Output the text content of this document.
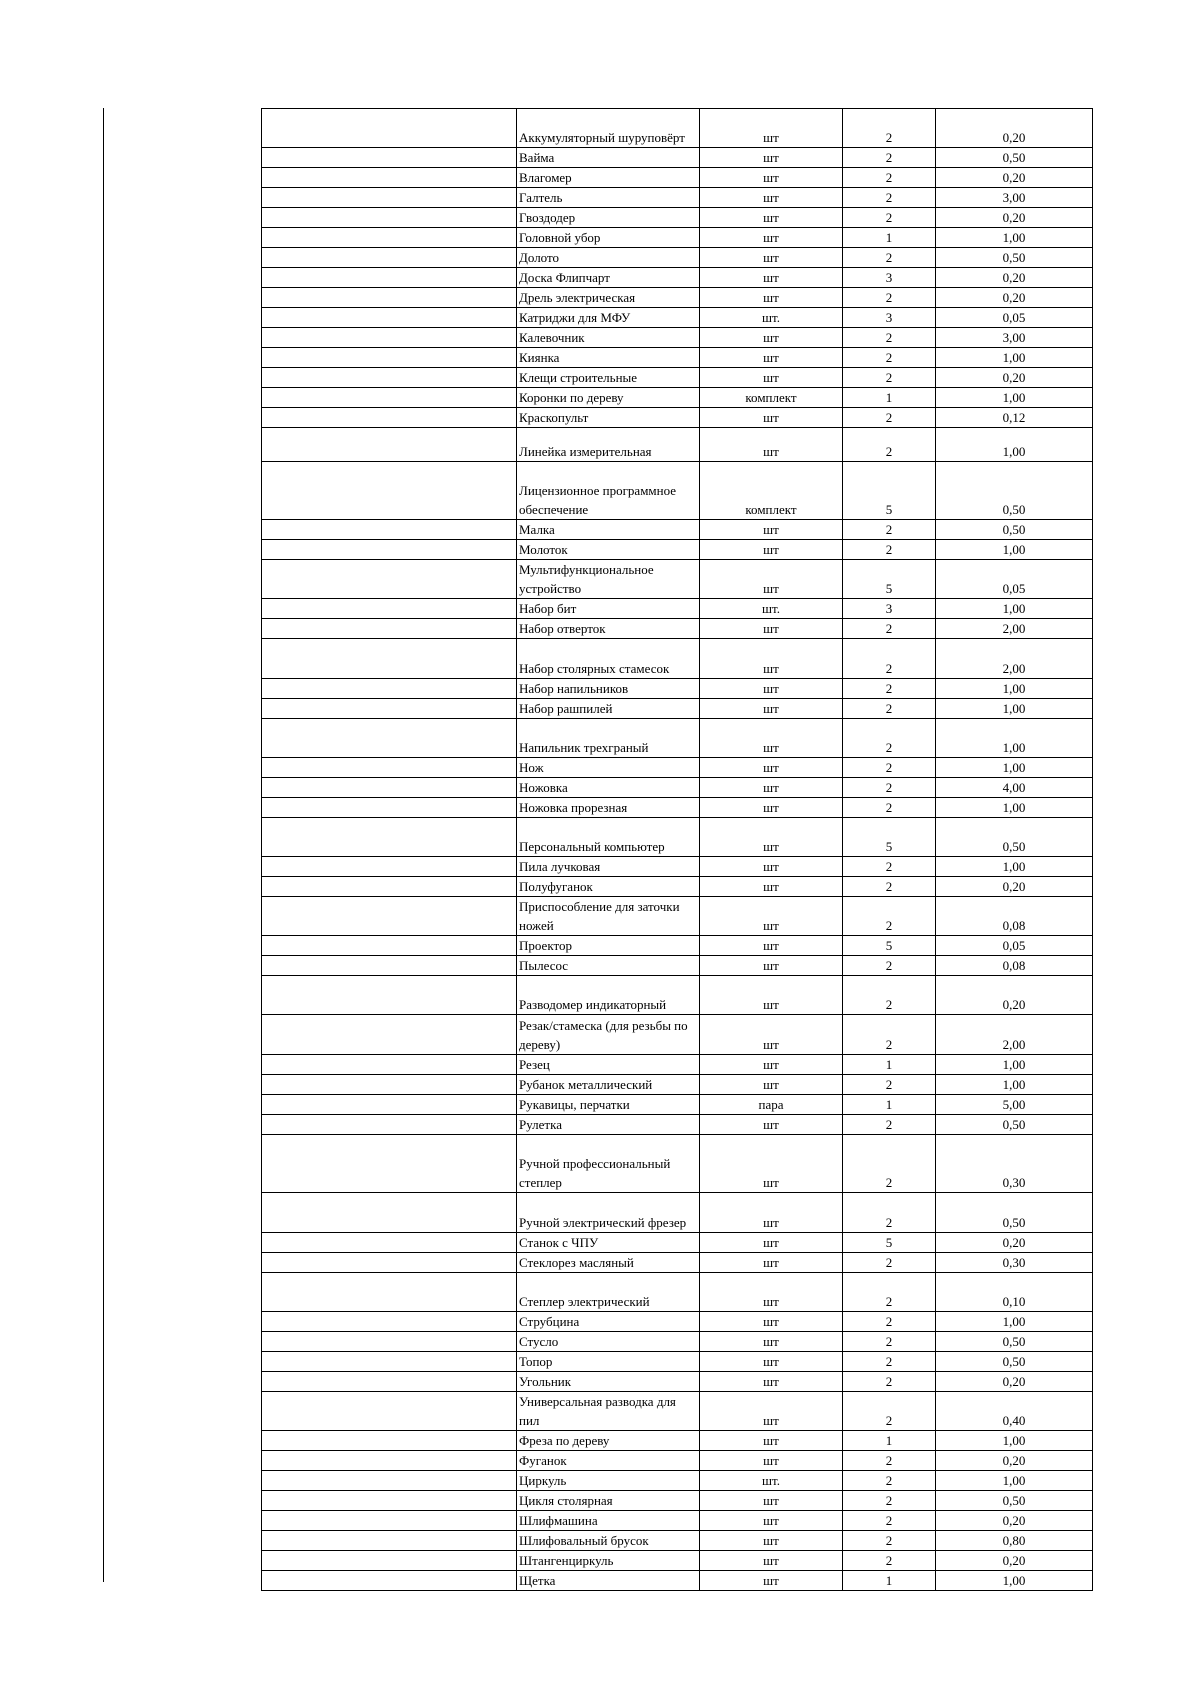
	Аккумуляторный шуруповёрт	шт	2	0,20
	Вайма	шт	2	0,50
	Влагомер	шт	2	0,20
	Галтель	шт	2	3,00
	Гвоздодер	шт	2	0,20
	Головной убор	шт	1	1,00
	Долото	шт	2	0,50
	Доска Флипчарт	шт	3	0,20
	Дрель электрическая	шт	2	0,20
	Катриджи для МФУ	шт.	3	0,05
	Калевочник	шт	2	3,00
	Киянка	шт	2	1,00
	Клещи строительные	шт	2	0,20
	Коронки по дереву	комплект	1	1,00
	Краскопульт	шт	2	0,12
	Линейка измерительная	шт	2	1,00
	Лицензионное программное обеспечение	комплект	5	0,50
	Малка	шт	2	0,50
	Молоток	шт	2	1,00
	Мультифункциональное устройство	шт	5	0,05
	Набор бит	шт.	3	1,00
	Набор отверток	шт	2	2,00
	Набор столярных стамесок	шт	2	2,00
	Набор напильников	шт	2	1,00
	Набор рашпилей	шт	2	1,00
	Напильник трехграный	шт	2	1,00
	Нож	шт	2	1,00
	Ножовка	шт	2	4,00
	Ножовка прорезная	шт	2	1,00
	Персональный компьютер	шт	5	0,50
	Пила лучковая	шт	2	1,00
	Полуфуганок	шт	2	0,20
	Приспособление для заточки ножей	шт	2	0,08
	Проектор	шт	5	0,05
	Пылесос	шт	2	0,08
	Разводомер индикаторный	шт	2	0,20
	Резак/стамеска (для резьбы по дереву)	шт	2	2,00
	Резец	шт	1	1,00
	Рубанок металлический	шт	2	1,00
	Рукавицы, перчатки	пара	1	5,00
	Рулетка	шт	2	0,50
	Ручной профессиональный степлер	шт	2	0,30
	Ручной электрический фрезер	шт	2	0,50
	Станок с ЧПУ	шт	5	0,20
	Стеклорез масляный	шт	2	0,30
	Степлер электрический	шт	2	0,10
	Струбцина	шт	2	1,00
	Стусло	шт	2	0,50
	Топор	шт	2	0,50
	Угольник	шт	2	0,20
	Универсальная разводка для пил	шт	2	0,40
	Фреза по дереву	шт	1	1,00
	Фуганок	шт	2	0,20
	Циркуль	шт.	2	1,00
	Цикля столярная	шт	2	0,50
	Шлифмашина	шт	2	0,20
	Шлифовальный брусок	шт	2	0,80
	Штангенциркуль	шт	2	0,20
	Щетка	шт	1	1,00
